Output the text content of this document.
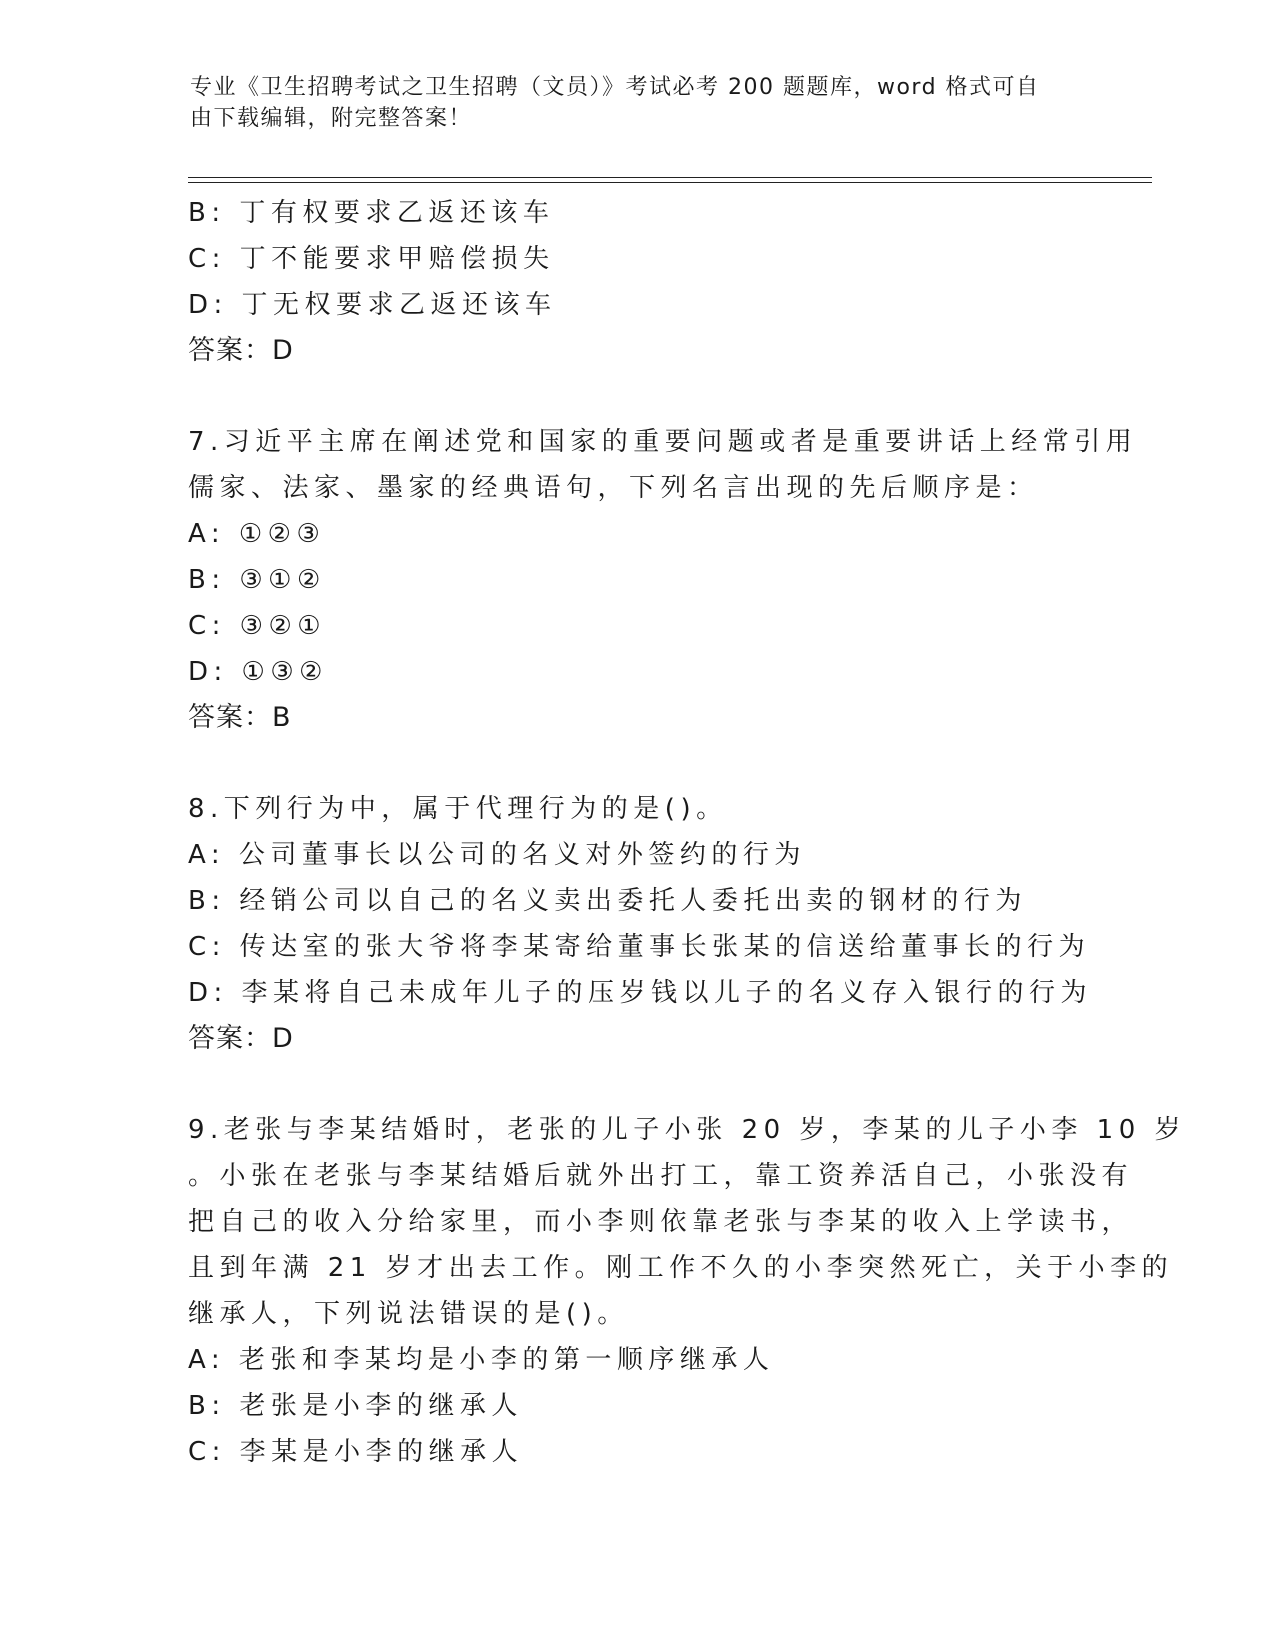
专业《卫生招聘考试之卫生招聘（文员）》考试必考 200 题题库，word 格式可自
由下载编辑，附完整答案！
B: 丁有权要求乙返还该车
C: 丁不能要求甲赔偿损失
D: 丁无权要求乙返还该车
答案：D
7.习近平主席在阐述党和国家的重要问题或者是重要讲话上经常引用
儒家、法家、墨家的经典语句，下列名言出现的先后顺序是：
A: ①②③
B: ③①②
C: ③②①
D: ①③②
答案：B
8.下列行为中，属于代理行为的是()。
A: 公司董事长以公司的名义对外签约的行为
B: 经销公司以自己的名义卖出委托人委托出卖的钢材的行为
C: 传达室的张大爷将李某寄给董事长张某的信送给董事长的行为
D: 李某将自己未成年儿子的压岁钱以儿子的名义存入银行的行为
答案：D
9.老张与李某结婚时，老张的儿子小张 20 岁，李某的儿子小李 10 岁
。小张在老张与李某结婚后就外出打工，靠工资养活自己，小张没有
把自己的收入分给家里，而小李则依靠老张与李某的收入上学读书，
且到年满 21 岁才出去工作。刚工作不久的小李突然死亡，关于小李的
继承人，下列说法错误的是()。
A: 老张和李某均是小李的第一顺序继承人
B: 老张是小李的继承人
C: 李某是小李的继承人
